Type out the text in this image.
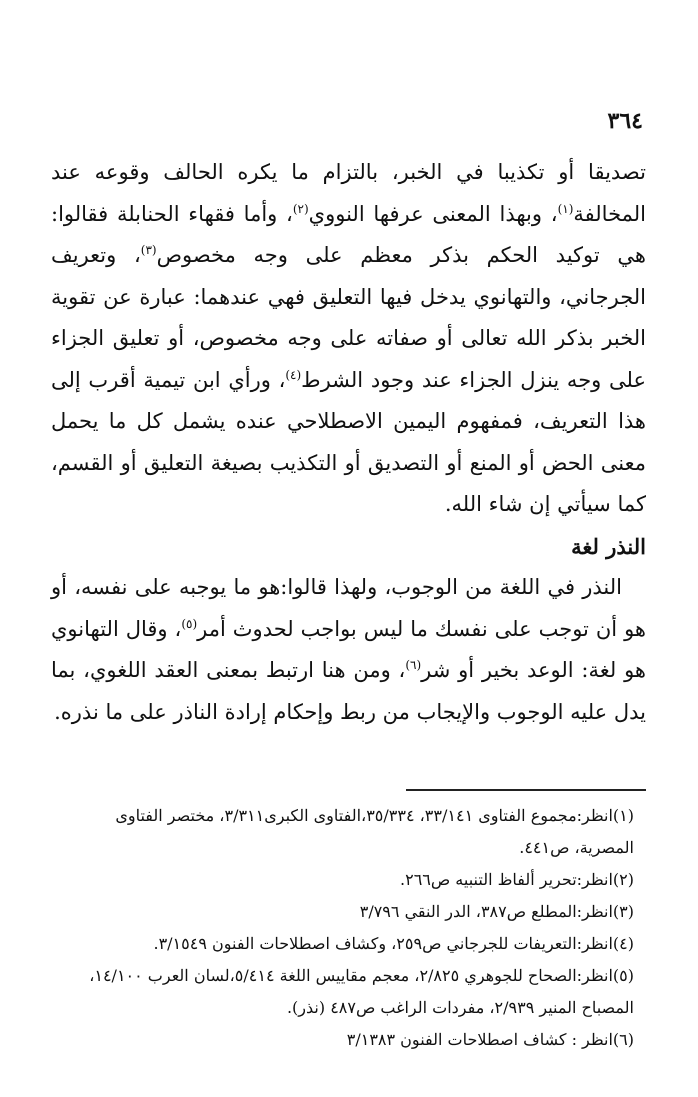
٣٦٤

تصديقا أو تكذيبا في الخبر، بالتزام ما يكره الحالف وقوعه عند المخالفة$^{(١)}$، وبهذا المعنى عرفها النووي$^{(٢)}$، وأما فقهاء الحنابلة فقالوا: هي توكيد الحكم بذكر معظم على وجه مخصوص$^{(٣)}$، وتعريف الجرجاني، والتهانوي يدخل فيها التعليق فهي عندهما: عبارة عن تقوية الخبر بذكر الله تعالى أو صفاته على وجه مخصوص، أو تعليق الجزاء على وجه ينزل الجزاء عند وجود الشرط$^{(٤)}$، ورأي ابن تيمية أقرب إلى هذا التعريف، فمفهوم اليمين الاصطلاحي عنده يشمل كل ما يحمل معنى الحض أو المنع أو التصديق أو التكذيب بصيغة التعليق أو القسم، كما سيأتي إن شاء الله.

النذر لغة

النذر في اللغة من الوجوب، ولهذا قالوا:هو ما يوجبه على نفسه، أو هو أن توجب على نفسك ما ليس بواجب لحدوث أمر$^{(٥)}$، وقال التهانوي هو لغة: الوعد بخير أو شر$^{(٦)}$، ومن هنا ارتبط بمعنى العقد اللغوي، بما يدل عليه الوجوب والإيجاب من ربط وإحكام إرادة الناذر على ما نذره.

(١)انظر:مجموع الفتاوى ٣٣/١٤١، ٣٥/٣٣٤،الفتاوى الكبرى٣/٣١١، مختصر الفتاوى المصرية، ص٤٤١.

(٢)انظر:تحرير ألفاظ التنبيه ص٢٦٦.

(٣)انظر:المطلع ص٣٨٧، الدر النقي ٣/٧٩٦

(٤)انظر:التعريفات للجرجاني ص٢٥٩، وكشاف اصطلاحات الفنون ٣/١٥٤٩.

(٥)انظر:الصحاح للجوهري ٢/٨٢٥، معجم مقاييس اللغة ٥/٤١٤،لسان العرب ١٤/١٠٠، المصباح المنير ٢/٩٣٩، مفردات الراغب ص٤٨٧ (نذر).

(٦)انظر : كشاف اصطلاحات الفنون ٣/١٣٨٣
